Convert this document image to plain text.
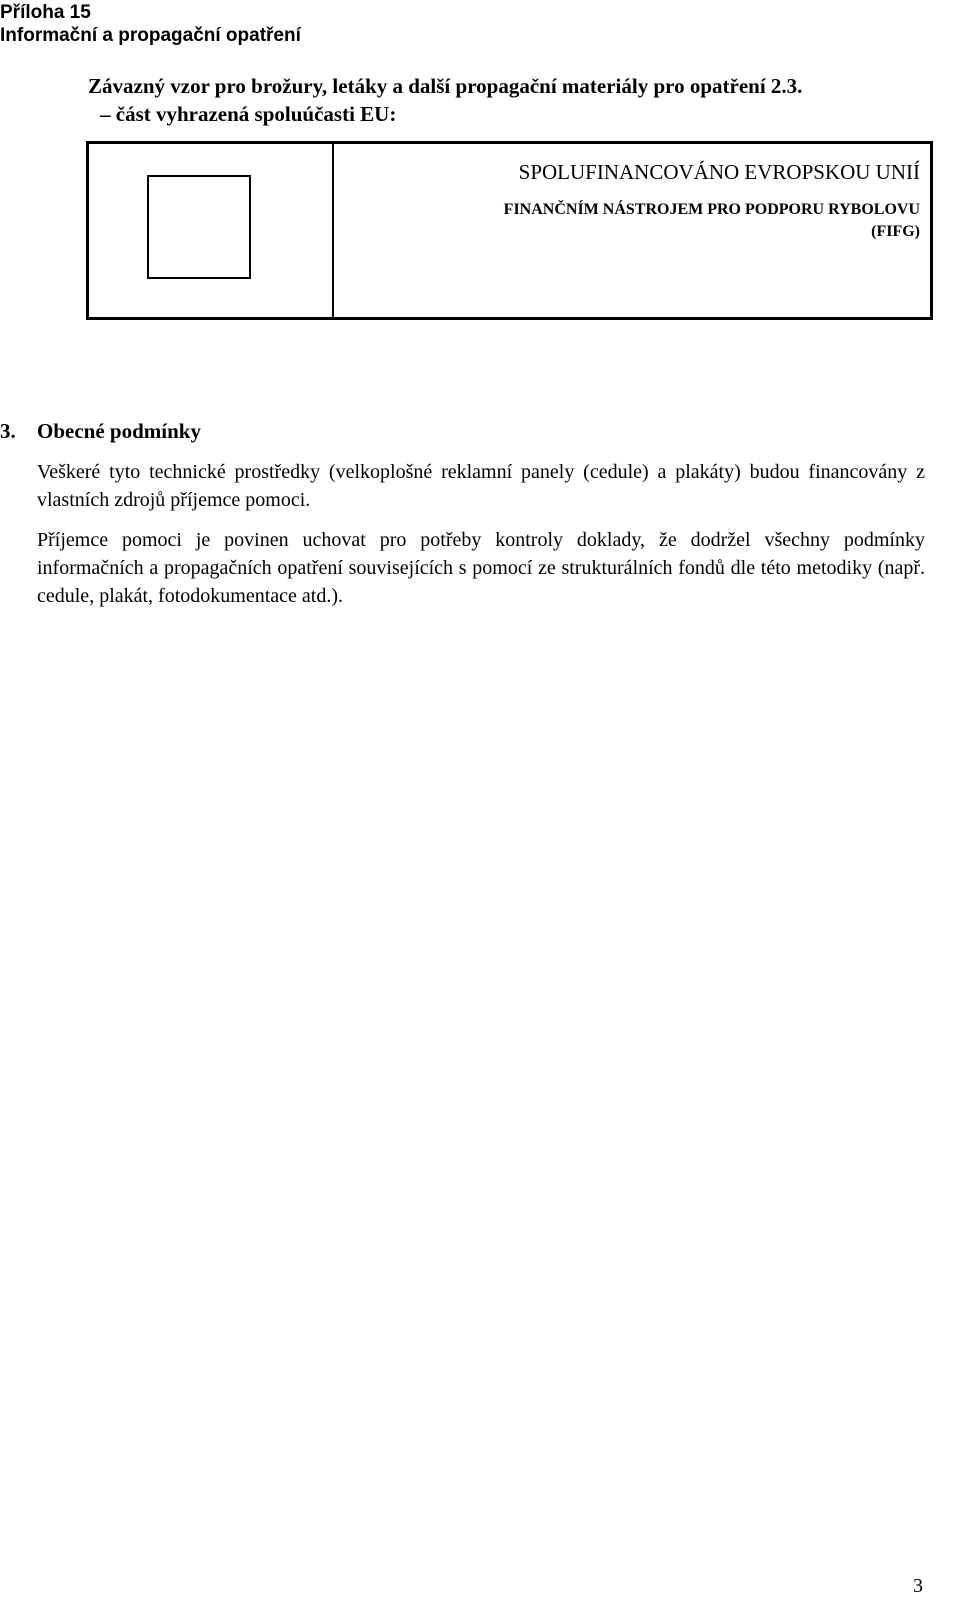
Příloha 15
Informační a propagační opatření
Závazný vzor pro brožury, letáky a další propagační materiály pro opatření 2.3.
– část vyhrazená spoluúčasti EU:
SPOLUFINANCOVÁNO EVROPSKOU UNIÍ
FINANČNÍM NÁSTROJEM PRO PODPORU RYBOLOVU
(FIFG)
3. Obecné podmínky
Veškeré tyto technické prostředky (velkoplošné reklamní panely (cedule) a plakáty) budou financovány z vlastních zdrojů příjemce pomoci.
Příjemce pomoci je povinen uchovat pro potřeby kontroly doklady, že dodržel všechny podmínky informačních a propagačních opatření souvisejících s pomocí ze strukturálních fondů dle této metodiky (např. cedule, plakát, fotodokumentace atd.).
3
